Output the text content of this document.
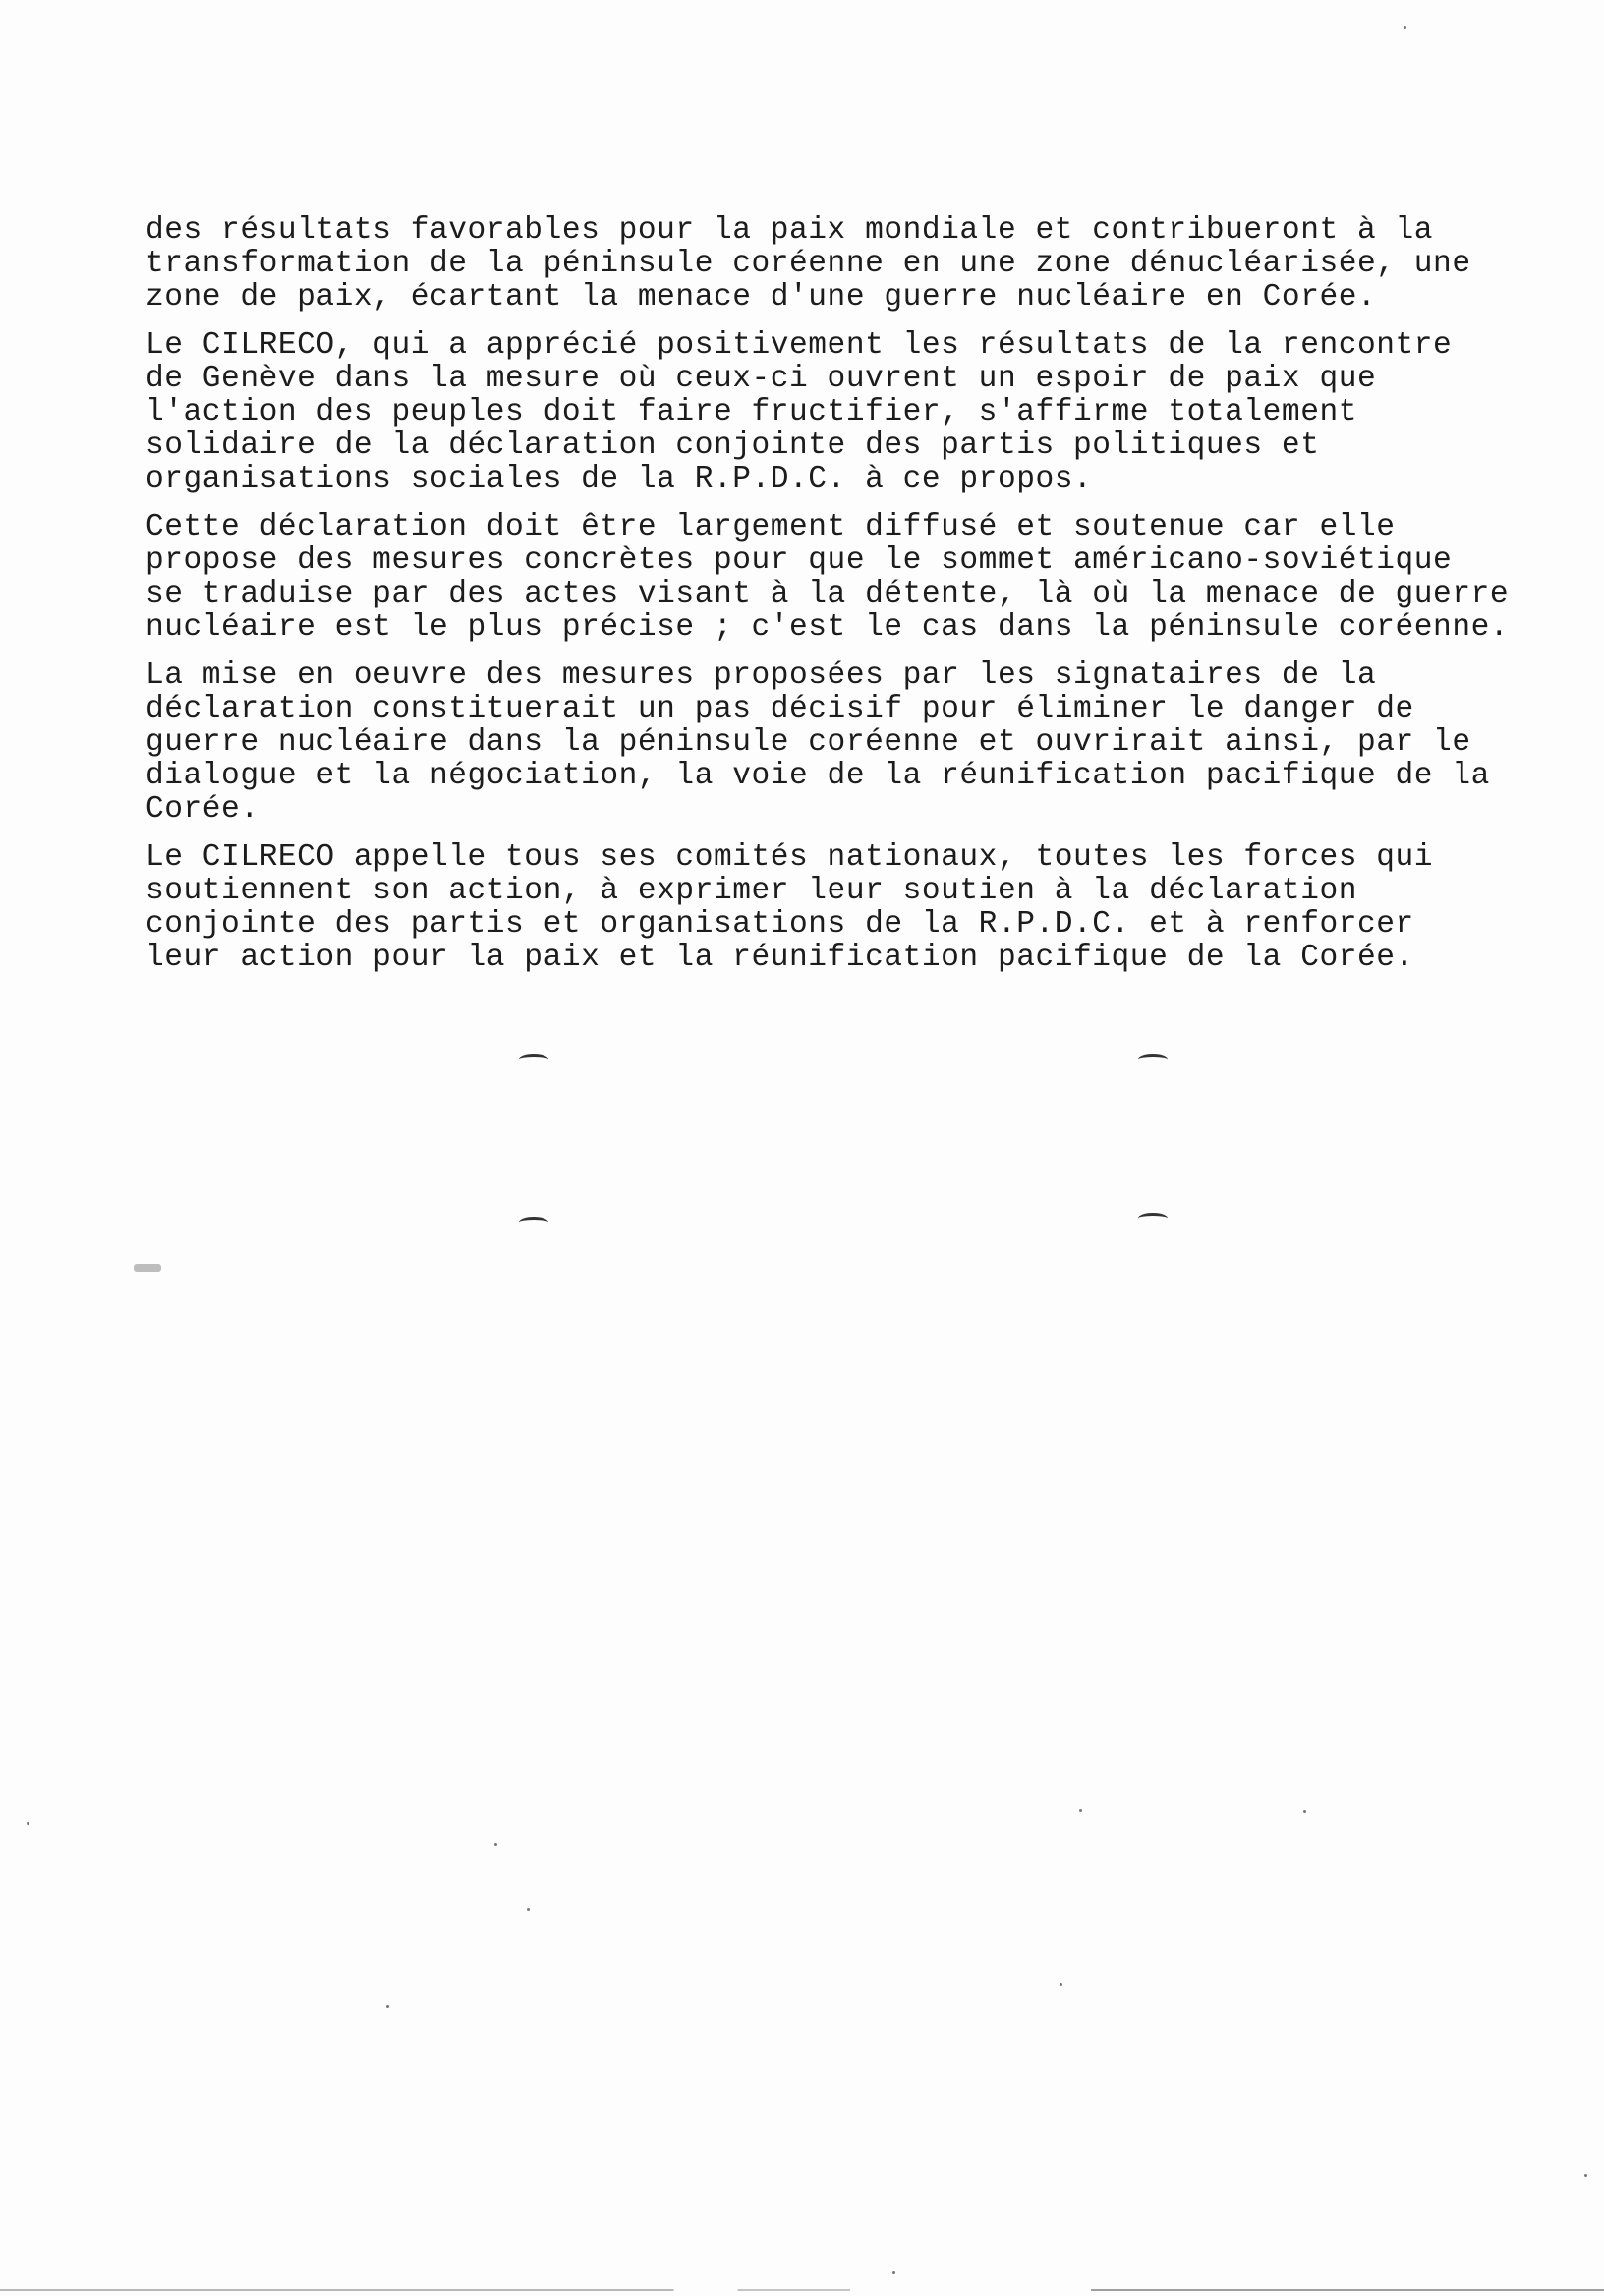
des résultats favorables pour la paix mondiale et contribueront à la
transformation de la péninsule coréenne en une zone dénucléarisée, une
zone de paix, écartant la menace d'une guerre nucléaire en Corée.
Le CILRECO, qui a apprécié positivement les résultats de la rencontre
de Genève dans la mesure où ceux-ci ouvrent un espoir de paix que
l'action des peuples doit faire fructifier, s'affirme totalement
solidaire de la déclaration conjointe des partis politiques et
organisations sociales de la R.P.D.C. à ce propos.
Cette déclaration doit être largement diffusé et soutenue car elle
propose des mesures concrètes pour que le sommet américano-soviétique
se traduise par des actes visant à la détente, là où la menace de guerre
nucléaire est le plus précise ; c'est le cas dans la péninsule coréenne.
La mise en oeuvre des mesures proposées par les signataires de la
déclaration constituerait un pas décisif pour éliminer le danger de
guerre nucléaire dans la péninsule coréenne et ouvrirait ainsi, par le
dialogue et la négociation, la voie de la réunification pacifique de la
Corée.
Le CILRECO appelle tous ses comités nationaux, toutes les forces qui
soutiennent son action, à exprimer leur soutien à la déclaration
conjointe des partis et organisations de la R.P.D.C. et à renforcer
leur action pour la paix et la réunification pacifique de la Corée.
